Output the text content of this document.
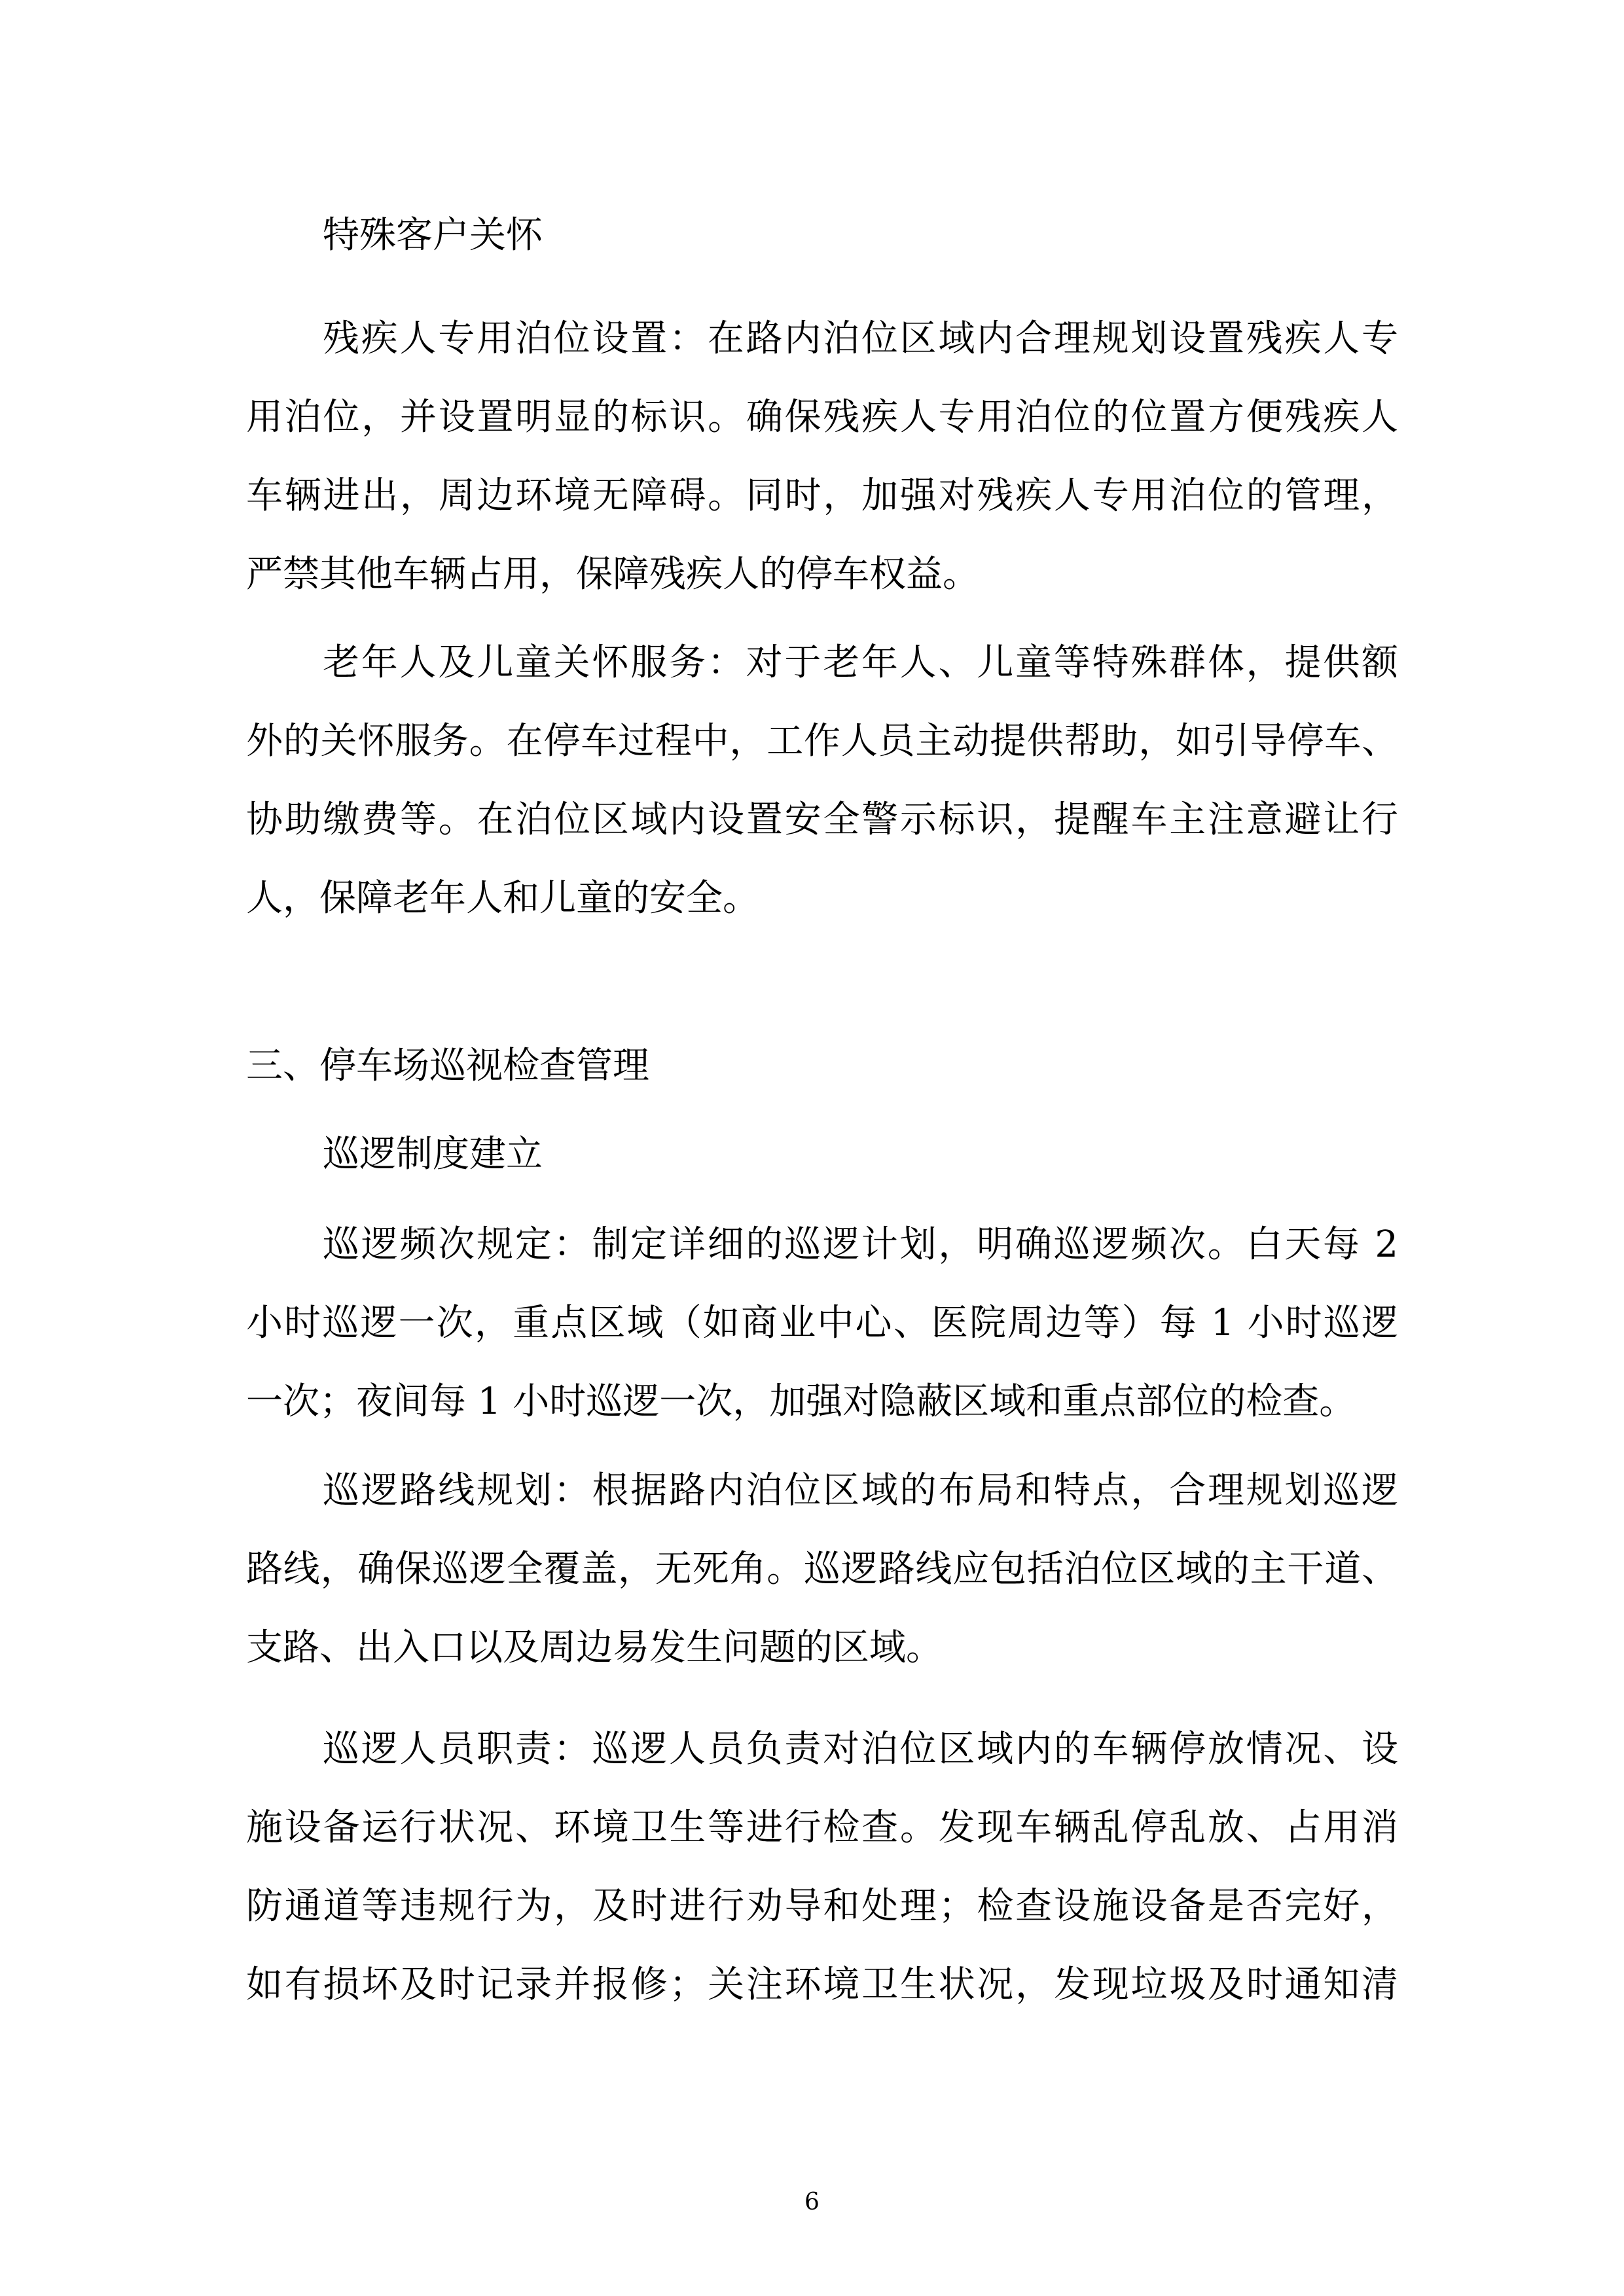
特殊客户关怀
残疾人专用泊位设置：在路内泊位区域内合理规划设置残疾人专
用泊位，并设置明显的标识。确保残疾人专用泊位的位置方便残疾人
车辆进出，周边环境无障碍。同时，加强对残疾人专用泊位的管理，
严禁其他车辆占用，保障残疾人的停车权益。
老年人及儿童关怀服务：对于老年人、儿童等特殊群体，提供额
外的关怀服务。在停车过程中，工作人员主动提供帮助，如引导停车、
协助缴费等。在泊位区域内设置安全警示标识，提醒车主注意避让行
人，保障老年人和儿童的安全。
三、停车场巡视检查管理
巡逻制度建立
巡逻频次规定：制定详细的巡逻计划，明确巡逻频次。白天每 2
小时巡逻一次，重点区域（如商业中心、医院周边等）每 1 小时巡逻
一次；夜间每 1 小时巡逻一次，加强对隐蔽区域和重点部位的检查。
巡逻路线规划：根据路内泊位区域的布局和特点，合理规划巡逻
路线，确保巡逻全覆盖，无死角。巡逻路线应包括泊位区域的主干道、
支路、出入口以及周边易发生问题的区域。
巡逻人员职责：巡逻人员负责对泊位区域内的车辆停放情况、设
施设备运行状况、环境卫生等进行检查。发现车辆乱停乱放、占用消
防通道等违规行为，及时进行劝导和处理；检查设施设备是否完好，
如有损坏及时记录并报修；关注环境卫生状况，发现垃圾及时通知清
6
